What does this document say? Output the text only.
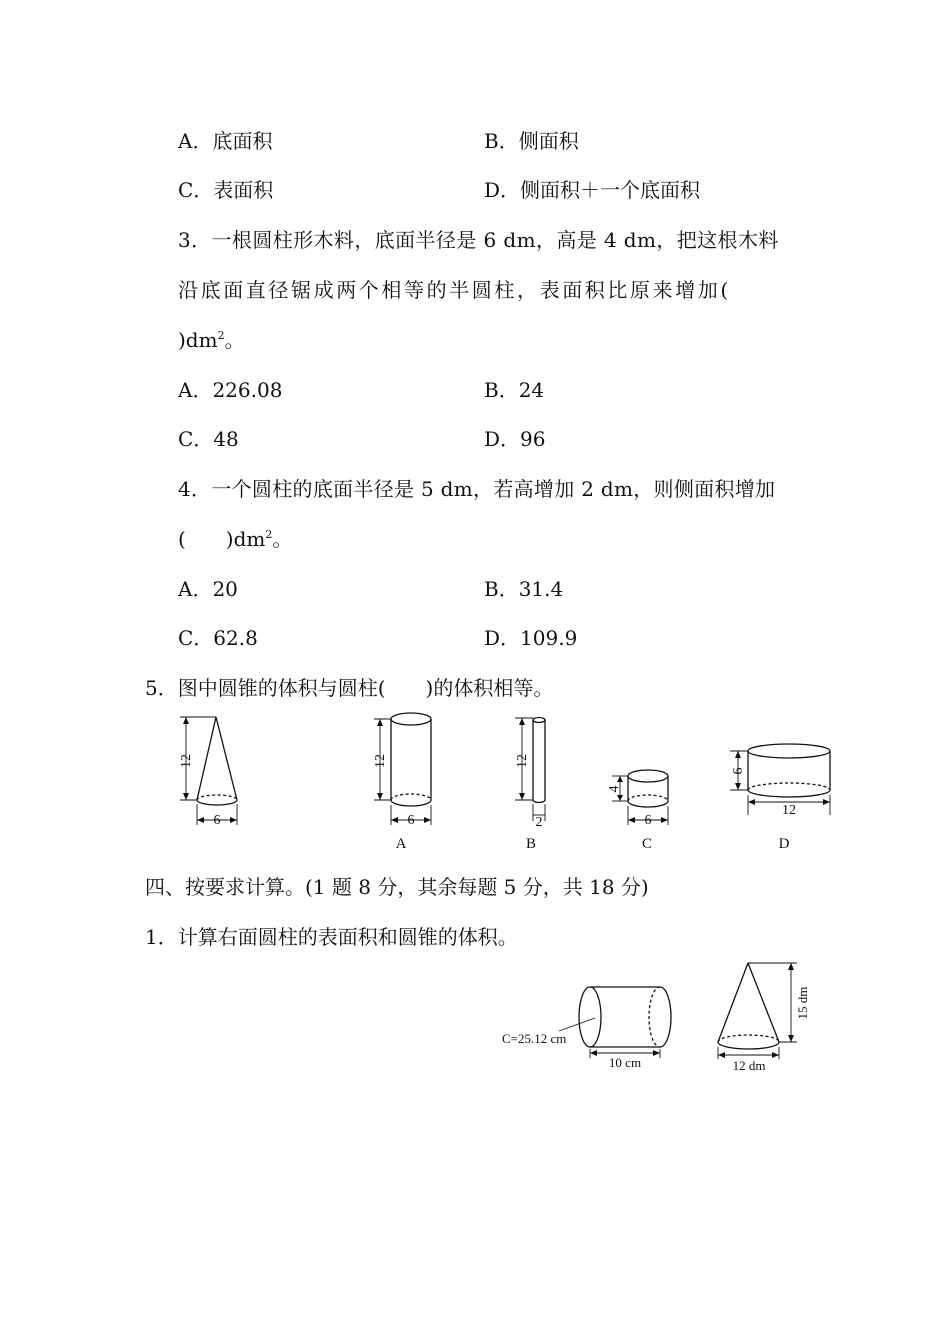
A．底面积	B．侧面积
C．表面积	D．侧面积＋一个底面积
3．一根圆柱形木料，底面半径是 6 dm，高是 4 dm，把这根木料
沿底面直径锯成两个相等的半圆柱，表面积比原来增加(
)$dm^2$。
A．226.08	B．24
C．48	D．96
4．一个圆柱的底面半径是 5 dm，若高增加 2 dm，则侧面积增加
(　　)$dm^2$。
A．20	B．31.4
C．62.8	D．109.9
5．图中圆锥的体积与圆柱(　　)的体积相等。
12
6
12
6
A
12
2
B
4
6
C
6
12
D
四、按要求计算。(1 题 8 分，其余每题 5 分，共 18 分)
1．计算右面圆柱的表面积和圆锥的体积。
C=25.12 cm
10 cm
15 dm
12 dm
